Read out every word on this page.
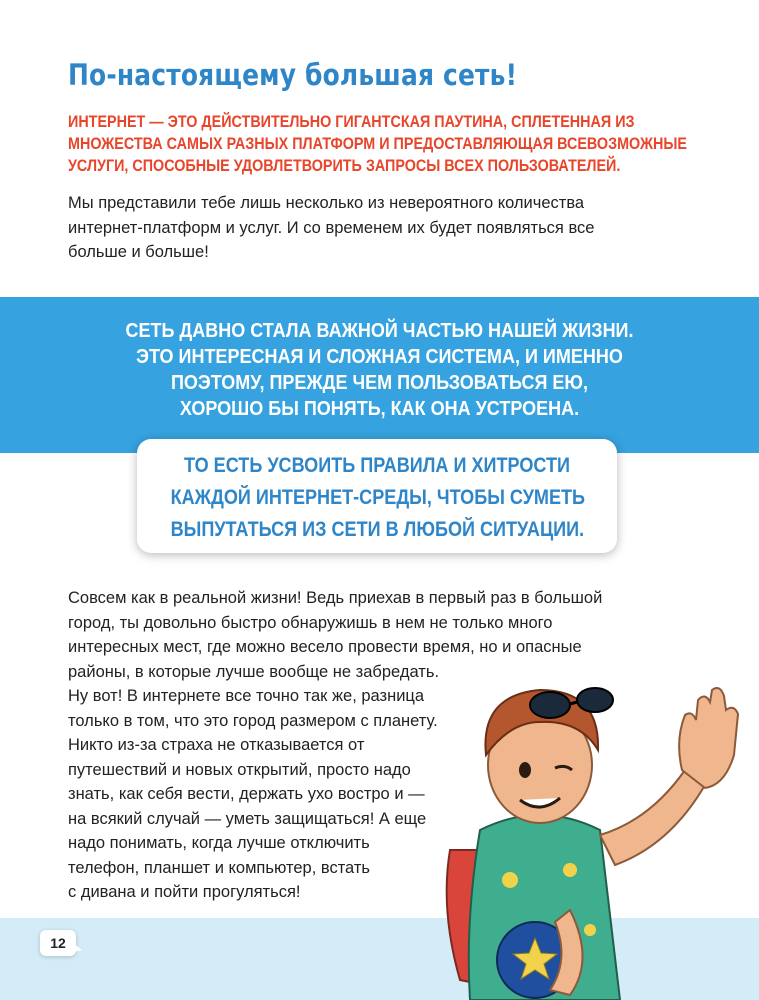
По-настоящему большая сеть!
ИНТЕРНЕТ — ЭТО ДЕЙСТВИТЕЛЬНО ГИГАНТСКАЯ ПАУТИНА, СПЛЕТЕННАЯ ИЗ
МНОЖЕСТВА САМЫХ РАЗНЫХ ПЛАТФОРМ И ПРЕДОСТАВЛЯЮЩАЯ ВСЕВОЗМОЖНЫЕ
УСЛУГИ, СПОСОБНЫЕ УДОВЛЕТВОРИТЬ ЗАПРОСЫ ВСЕХ ПОЛЬЗОВАТЕЛЕЙ.
Мы представили тебе лишь несколько из невероятного количества
интернет-платформ и услуг. И со временем их будет появляться все
больше и больше!
СЕТЬ ДАВНО СТАЛА ВАЖНОЙ ЧАСТЬЮ НАШЕЙ ЖИЗНИ.
ЭТО ИНТЕРЕСНАЯ И СЛОЖНАЯ СИСТЕМА, И ИМЕННО
ПОЭТОМУ, ПРЕЖДЕ ЧЕМ ПОЛЬЗОВАТЬСЯ ЕЮ,
ХОРОШО БЫ ПОНЯТЬ, КАК ОНА УСТРОЕНА.
ТО ЕСТЬ УСВОИТЬ ПРАВИЛА И ХИТРОСТИ
КАЖДОЙ ИНТЕРНЕТ-СРЕДЫ, ЧТОБЫ СУМЕТЬ
ВЫПУТАТЬСЯ ИЗ СЕТИ В ЛЮБОЙ СИТУАЦИИ.
Совсем как в реальной жизни! Ведь приехав в первый раз в большой
город, ты довольно быстро обнаружишь в нем не только много
интересных мест, где можно весело провести время, но и опасные
районы, в которые лучше вообще не забредать.
Ну вот! В интернете все точно так же, разница
только в том, что это город размером с планету.
Никто из-за страха не отказывается от
путешествий и новых открытий, просто надо
знать, как себя вести, держать ухо востро и —
на всякий случай — уметь защищаться! А еще
надо понимать, когда лучше отключить
телефон, планшет и компьютер, встать
с дивана и пойти прогуляться!
12
